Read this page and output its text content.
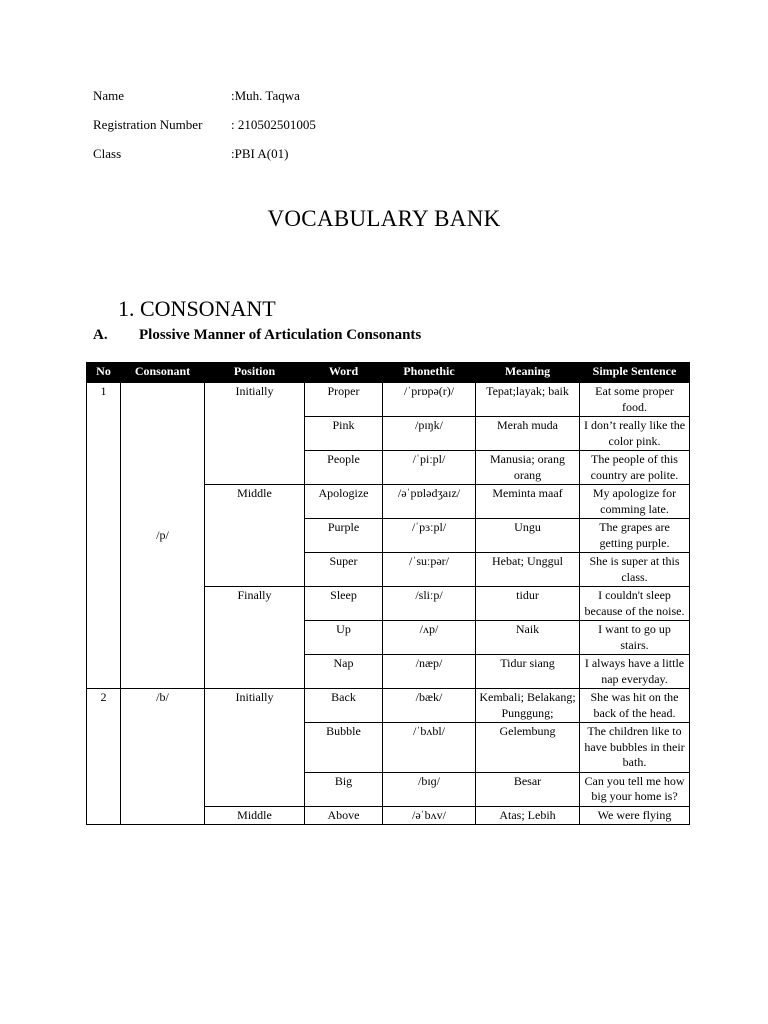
Name	:Muh. Taqwa
Registration Number : 210502501005
Class	:PBI A(01)
VOCABULARY BANK
1. CONSONANT
A. Plossive Manner of Articulation Consonants
No	Consonant	Position	Word	Phonethic	Meaning	Simple Sentence
1	/p/	Initially	Proper	/ˈprɒpə(r)/	Tepat;layak; baik	Eat some proper food.
			Pink	/pɪŋk/	Merah muda	I don’t really like the color pink.
			People	/ˈpiːpl/	Manusia; orang orang	The people of this country are polite.
		Middle	Apologize	/əˈpɒlədʒaɪz/	Meminta maaf	My apologize for comming late.
			Purple	/ˈpɜːpl/	Ungu	The grapes are getting purple.
			Super	/ˈsuːpər/	Hebat; Unggul	She is super at this class.
		Finally	Sleep	/sliːp/	tidur	I couldn't sleep because of the noise.
			Up	/ʌp/	Naik	I want to go up stairs.
			Nap	/næp/	Tidur siang	I always have a little nap everyday.
2	/b/	Initially	Back	/bæk/	Kembali; Belakang; Punggung;	She was hit on the back of the head.
			Bubble	/ˈbʌbl/	Gelembung	The children like to have bubbles in their bath.
			Big	/bɪɡ/	Besar	Can you tell me how big your home is?
		Middle	Above	/əˈbʌv/	Atas; Lebih	We were flying
